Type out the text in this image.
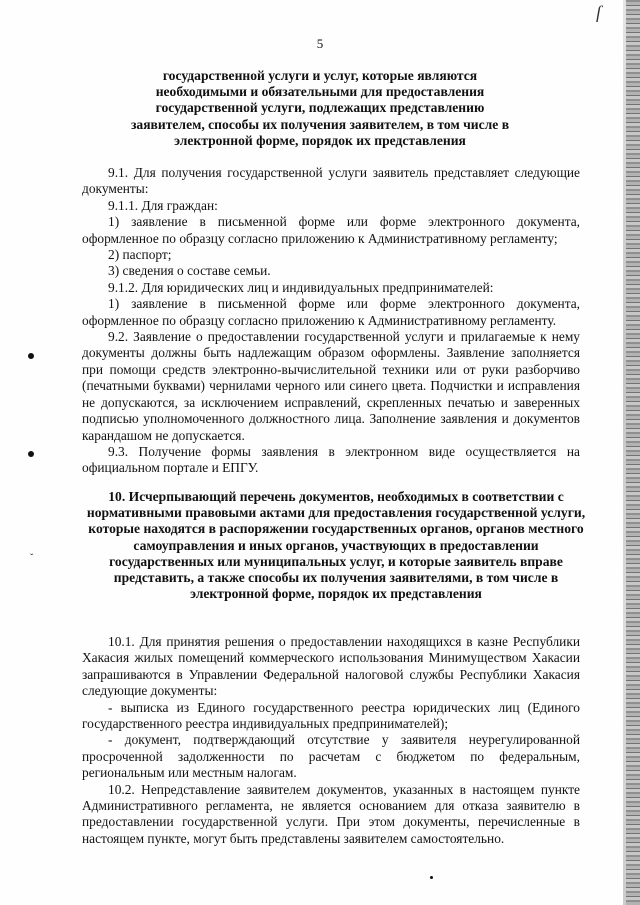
ſ
5
государственной услуги и услуг, которые являются необходимыми и обязательными для предоставления государственной услуги, подлежащих представлению заявителем, способы их получения заявителем, в том числе в электронной форме, порядок их представления

9.1. Для получения государственной услуги заявитель представляет следующие документы:

9.1.1. Для граждан:

1) заявление в письменной форме или форме электронного документа, оформленное по образцу согласно приложению к Административному регламенту;

2) паспорт;

3) сведения о составе семьи.

9.1.2. Для юридических лиц и индивидуальных предпринимателей:

1) заявление в письменной форме или форме электронного документа, оформленное по образцу согласно приложению к Административному регламенту.

9.2. Заявление о предоставлении государственной услуги и прилагаемые к нему документы должны быть надлежащим образом оформлены. Заявление заполняется при помощи средств электронно-вычислительной техники или от руки разборчиво (печатными буквами) чернилами черного или синего цвета. Подчистки и исправления не допускаются, за исключением исправлений, скрепленных печатью и заверенных подписью уполномоченного должностного лица. Заполнение заявления и документов карандашом не допускается.

9.3. Получение формы заявления в электронном виде осуществляется на официальном портале и ЕПГУ.

10. Исчерпывающий перечень документов, необходимых в соответствии с нормативными правовыми актами для предоставления государственной услуги, которые находятся в распоряжении государственных органов, органов местного самоуправления и иных органов, участвующих в предоставлении государственных или муниципальных услуг, и которые заявитель вправе представить, а также способы их получения заявителями, в том числе в электронной форме, порядок их представления

10.1. Для принятия решения о предоставлении находящихся в казне Республики Хакасия жилых помещений коммерческого использования Минимуществом Хакасии запрашиваются в Управлении Федеральной налоговой службы Республики Хакасия следующие документы:

- выписка из Единого государственного реестра юридических лиц (Единого государственного реестра индивидуальных предпринимателей);

- документ, подтверждающий отсутствие у заявителя неурегулированной просроченной задолженности по расчетам с бюджетом по федеральным, региональным или местным налогам.

10.2. Непредставление заявителем документов, указанных в настоящем пункте Административного регламента, не является основанием для отказа заявителю в предоставлении государственной услуги. При этом документы, перечисленные в настоящем пункте, могут быть представлены заявителем самостоятельно.

ˇ
